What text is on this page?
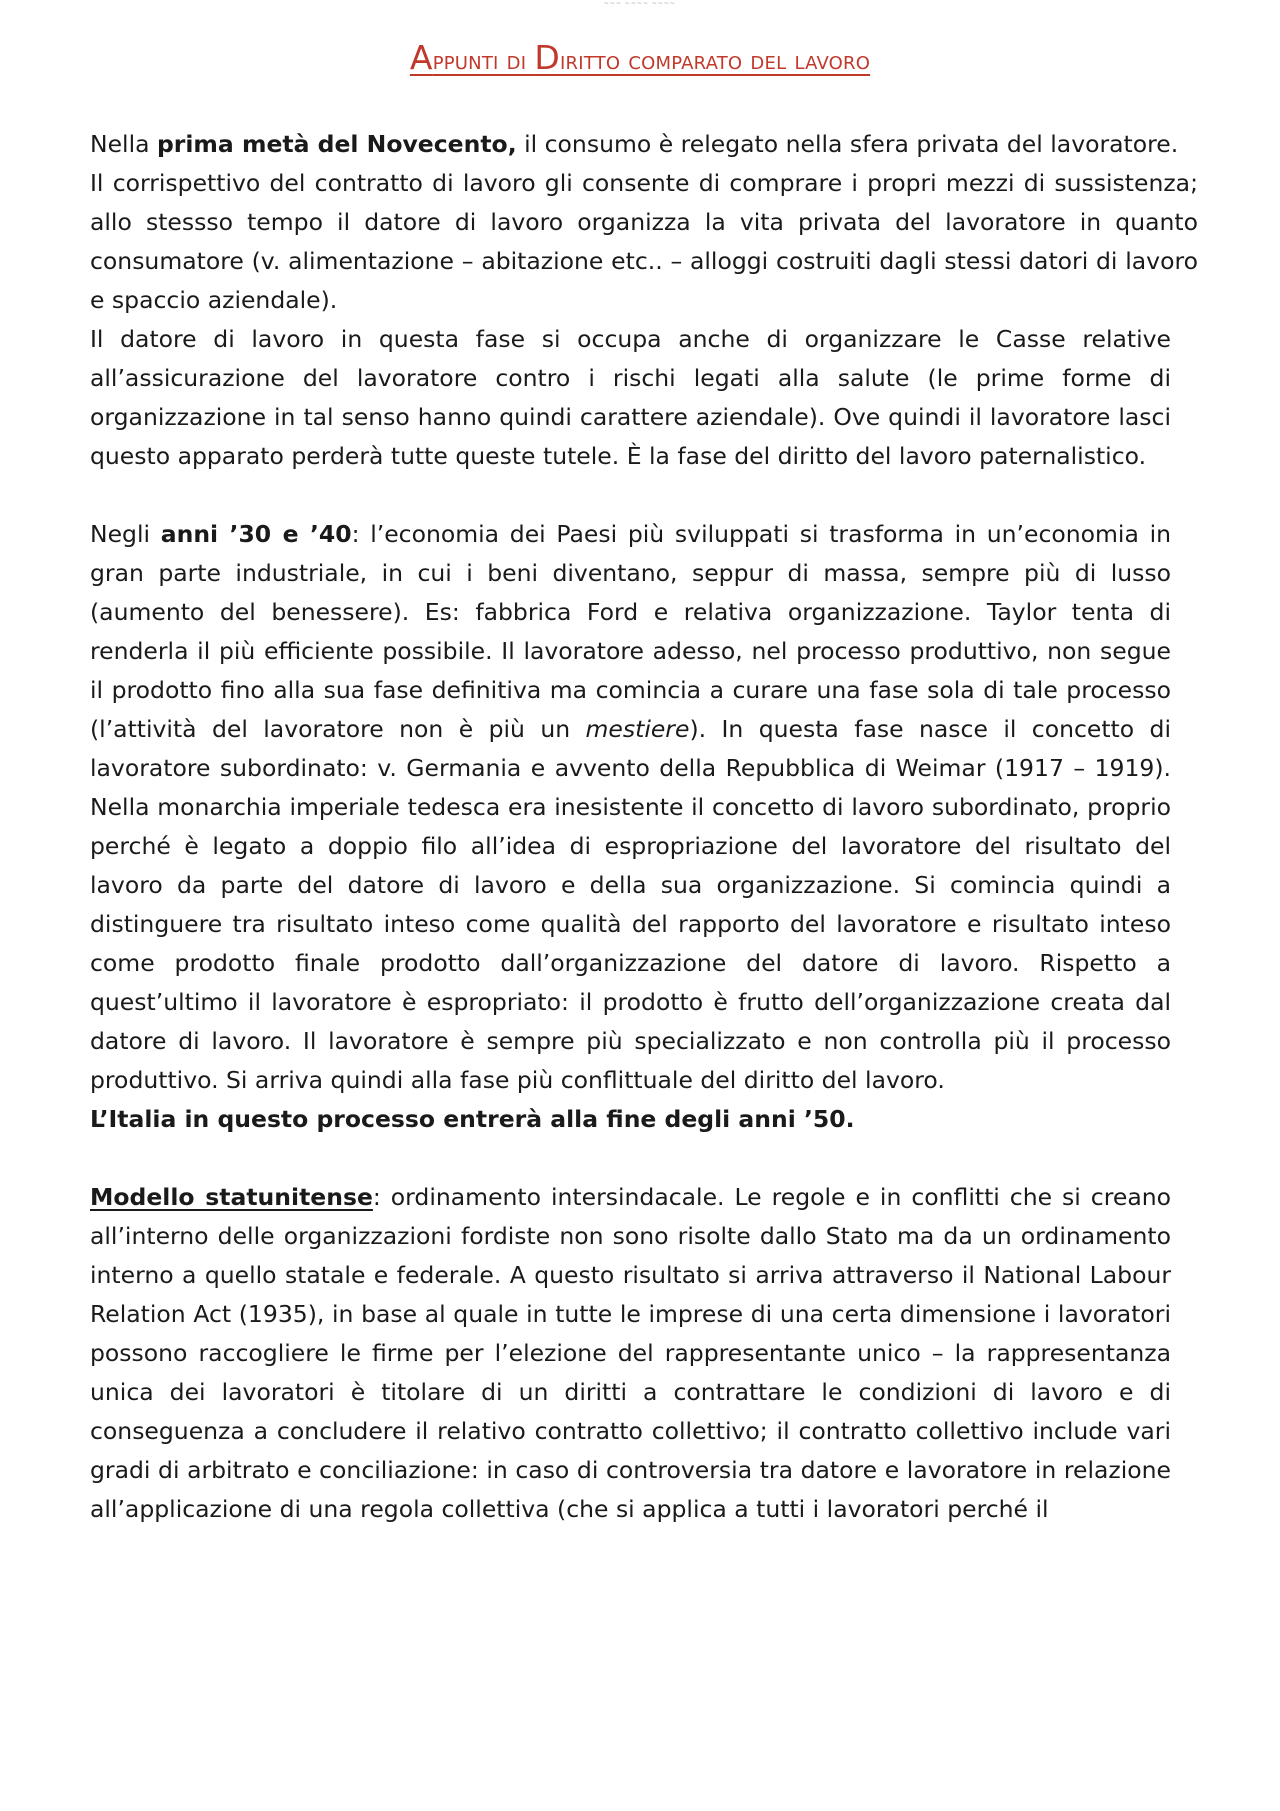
~~~ ~~~~ ~~~~
Appunti di Diritto comparato del lavoro

Nella prima metà del Novecento, il consumo è relegato nella sfera privata del lavoratore.

Il corrispettivo del contratto di lavoro gli consente di comprare i propri mezzi di sussistenza; allo stessso tempo il datore di lavoro organizza la vita privata del lavoratore in quanto consumatore (v. alimentazione – abitazione etc.. – alloggi costruiti dagli stessi datori di lavoro e spaccio aziendale).

Il datore di lavoro in questa fase si occupa anche di organizzare le Casse relative all’assicurazione del lavoratore contro i rischi legati alla salute (le prime forme di organizzazione in tal senso hanno quindi carattere aziendale). Ove quindi il lavoratore lasci questo apparato perderà tutte queste tutele. È la fase del diritto del lavoro paternalistico.

Negli anni ’30 e ’40: l’economia dei Paesi più sviluppati si trasforma in un’economia in gran parte industriale, in cui i beni diventano, seppur di massa, sempre più di lusso (aumento del benessere). Es: fabbrica Ford e relativa organizzazione. Taylor tenta di renderla il più efficiente possibile. Il lavoratore adesso, nel processo produttivo, non segue il prodotto fino alla sua fase definitiva ma comincia a curare una fase sola di tale processo (l’attività del lavoratore non è più un mestiere). In questa fase nasce il concetto di lavoratore subordinato: v. Germania e avvento della Repubblica di Weimar (1917 – 1919). Nella monarchia imperiale tedesca era inesistente il concetto di lavoro subordinato, proprio perché è legato a doppio filo all’idea di espropriazione del lavoratore del risultato del lavoro da parte del datore di lavoro e della sua organizzazione. Si comincia quindi a distinguere tra risultato inteso come qualità del rapporto del lavoratore e risultato inteso come prodotto finale prodotto dall’organizzazione del datore di lavoro. Rispetto a quest’ultimo il lavoratore è espropriato: il prodotto è frutto dell’organizzazione creata dal datore di lavoro. Il lavoratore è sempre più specializzato e non controlla più il processo produttivo. Si arriva quindi alla fase più conflittuale del diritto del lavoro.

L’Italia in questo processo entrerà alla fine degli anni ’50.

Modello statunitense: ordinamento intersindacale. Le regole e in conflitti che si creano all’interno delle organizzazioni fordiste non sono risolte dallo Stato ma da un ordinamento interno a quello statale e federale. A questo risultato si arriva attraverso il National Labour Relation Act (1935), in base al quale in tutte le imprese di una certa dimensione i lavoratori possono raccogliere le firme per l’elezione del rappresentante unico – la rappresentanza unica dei lavoratori è titolare di un diritti a contrattare le condizioni di lavoro e di conseguenza a concludere il relativo contratto collettivo; il contratto collettivo include vari gradi di arbitrato e conciliazione: in caso di controversia tra datore e lavoratore in relazione all’applicazione di una regola collettiva (che si applica a tutti i lavoratori perché il
